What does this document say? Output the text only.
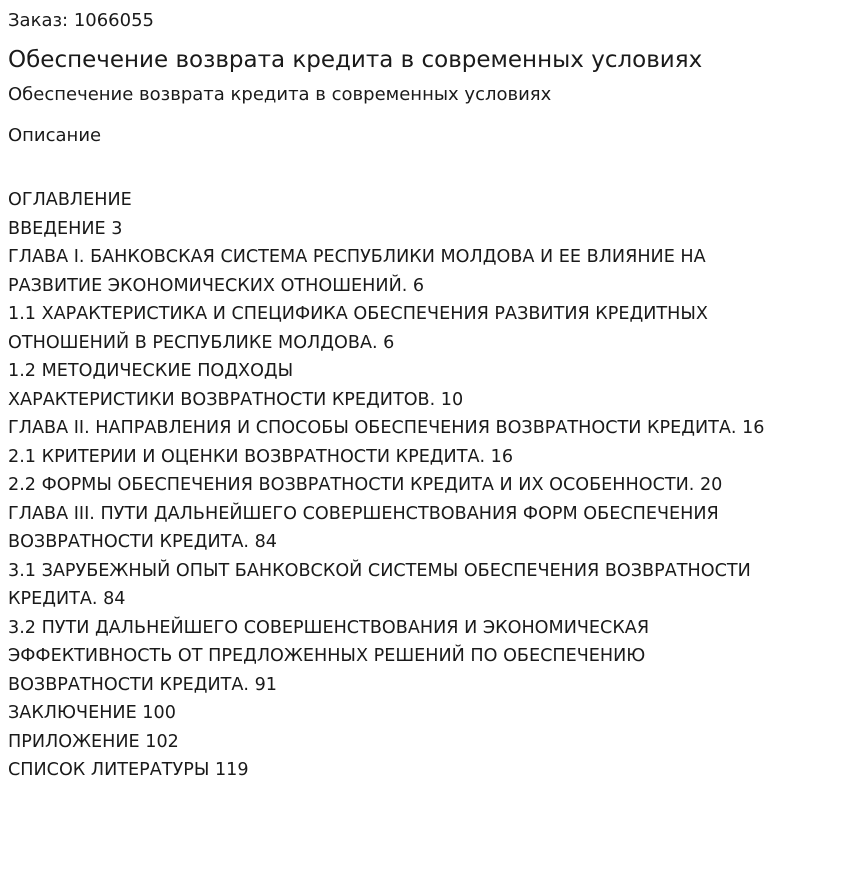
Заказ: 1066055

Обеспечение возврата кредита в современных условиях

Обеспечение возврата кредита в современных условиях

Описание

ОГЛАВЛЕНИЕ
ВВЕДЕНИЕ 3
ГЛАВА I. БАНКОВСКАЯ СИСТЕМА РЕСПУБЛИКИ МОЛДОВА И ЕЕ ВЛИЯНИЕ НА
РАЗВИТИЕ ЭКОНОМИЧЕСКИХ ОТНОШЕНИЙ. 6
1.1 ХАРАКТЕРИСТИКА И СПЕЦИФИКА ОБЕСПЕЧЕНИЯ РАЗВИТИЯ КРЕДИТНЫХ
ОТНОШЕНИЙ В РЕСПУБЛИКЕ МОЛДОВА. 6
1.2 МЕТОДИЧЕСКИЕ ПОДХОДЫ
ХАРАКТЕРИСТИКИ ВОЗВРАТНОСТИ КРЕДИТОВ. 10
ГЛАВА II. НАПРАВЛЕНИЯ И СПОСОБЫ ОБЕСПЕЧЕНИЯ ВОЗВРАТНОСТИ КРЕДИТА. 16
2.1 КРИТЕРИИ И ОЦЕНКИ ВОЗВРАТНОСТИ КРЕДИТА. 16
2.2 ФОРМЫ ОБЕСПЕЧЕНИЯ ВОЗВРАТНОСТИ КРЕДИТА И ИХ ОСОБЕННОСТИ. 20
ГЛАВА III. ПУТИ ДАЛЬНЕЙШЕГО СОВЕРШЕНСТВОВАНИЯ ФОРМ ОБЕСПЕЧЕНИЯ
ВОЗВРАТНОСТИ КРЕДИТА. 84
3.1 ЗАРУБЕЖНЫЙ ОПЫТ БАНКОВСКОЙ СИСТЕМЫ ОБЕСПЕЧЕНИЯ ВОЗВРАТНОСТИ
КРЕДИТА. 84
3.2 ПУТИ ДАЛЬНЕЙШЕГО СОВЕРШЕНСТВОВАНИЯ И ЭКОНОМИЧЕСКАЯ
ЭФФЕКТИВНОСТЬ ОТ ПРЕДЛОЖЕННЫХ РЕШЕНИЙ ПО ОБЕСПЕЧЕНИЮ
ВОЗВРАТНОСТИ КРЕДИТА. 91
ЗАКЛЮЧЕНИЕ 100
ПРИЛОЖЕНИЕ 102
СПИСОК ЛИТЕРАТУРЫ 119
